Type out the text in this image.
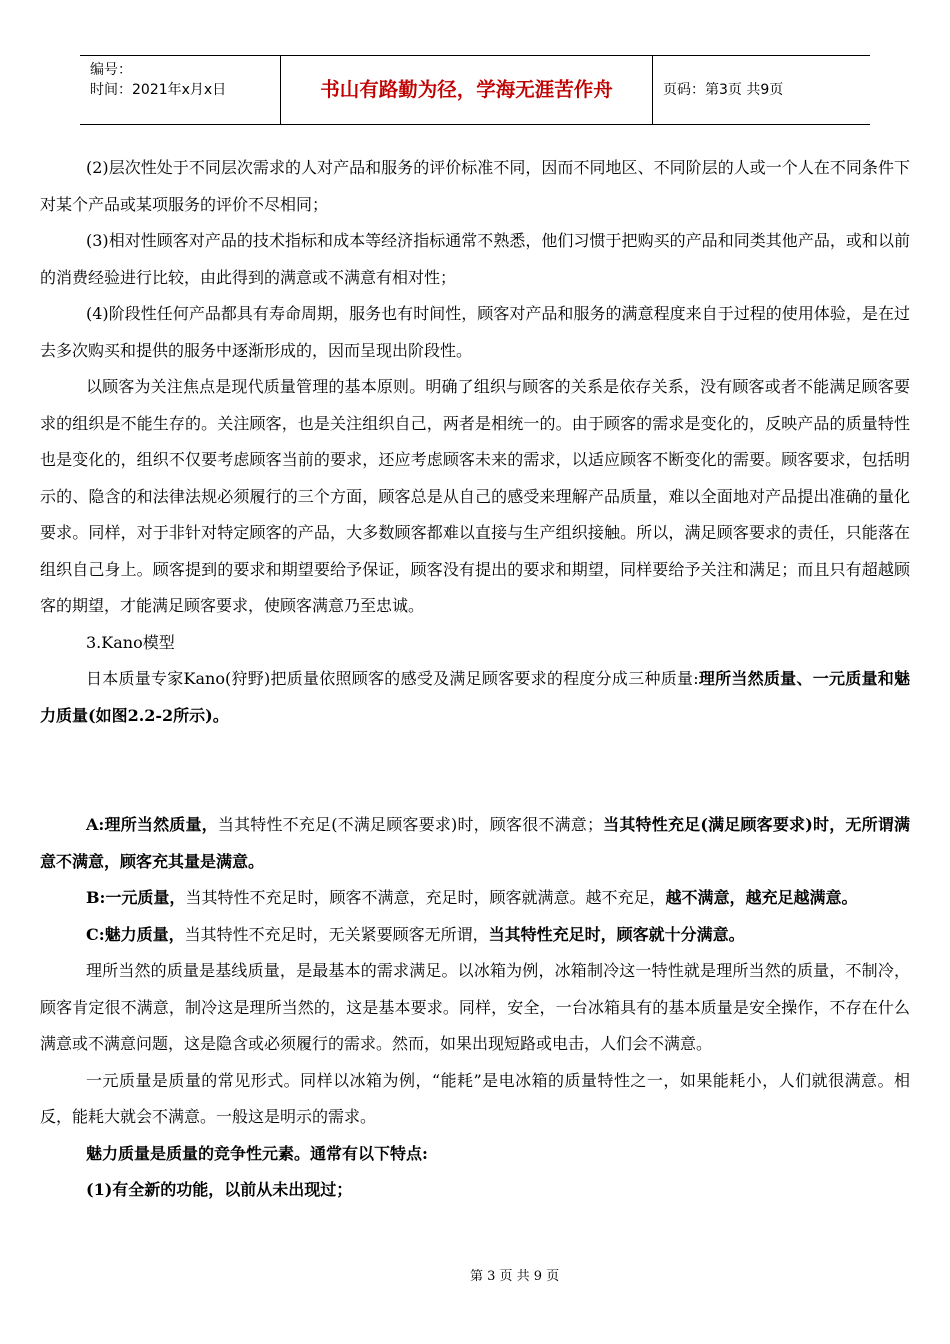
编号：
时间：2021年x月x日	书山有路勤为径，学海无涯苦作舟	页码：第3页 共9页

(2)层次性处于不同层次需求的人对产品和服务的评价标准不同，因而不同地区、不同阶层的人或一个人在不同条件下对某个产品或某项服务的评价不尽相同；

(3)相对性顾客对产品的技术指标和成本等经济指标通常不熟悉，他们习惯于把购买的产品和同类其他产品，或和以前的消费经验进行比较，由此得到的满意或不满意有相对性；

(4)阶段性任何产品都具有寿命周期，服务也有时间性，顾客对产品和服务的满意程度来自于过程的使用体验，是在过去多次购买和提供的服务中逐渐形成的，因而呈现出阶段性。

以顾客为关注焦点是现代质量管理的基本原则。明确了组织与顾客的关系是依存关系，没有顾客或者不能满足顾客要求的组织是不能生存的。关注顾客，也是关注组织自己，两者是相统一的。由于顾客的需求是变化的，反映产品的质量特性也是变化的，组织不仅要考虑顾客当前的要求，还应考虑顾客未来的需求，以适应顾客不断变化的需要。顾客要求，包括明示的、隐含的和法律法规必须履行的三个方面，顾客总是从自己的感受来理解产品质量，难以全面地对产品提出准确的量化要求。同样，对于非针对特定顾客的产品，大多数顾客都难以直接与生产组织接触。所以，满足顾客要求的责任，只能落在组织自己身上。顾客提到的要求和期望要给予保证，顾客没有提出的要求和期望，同样要给予关注和满足；而且只有超越顾客的期望，才能满足顾客要求，使顾客满意乃至忠诚。

3.Kano模型

日本质量专家Kano(狩野)把质量依照顾客的感受及满足顾客要求的程度分成三种质量:理所当然质量、一元质量和魅力质量(如图2.2-2所示)。

A:理所当然质量，当其特性不充足(不满足顾客要求)时，顾客很不满意；当其特性充足(满足顾客要求)时，无所谓满意不满意，顾客充其量是满意。

B:一元质量，当其特性不充足时，顾客不满意，充足时，顾客就满意。越不充足，越不满意，越充足越满意。

C:魅力质量，当其特性不充足时，无关紧要顾客无所谓，当其特性充足时，顾客就十分满意。

理所当然的质量是基线质量，是最基本的需求满足。以冰箱为例，冰箱制冷这一特性就是理所当然的质量，不制冷，顾客肯定很不满意，制冷这是理所当然的，这是基本要求。同样，安全，一台冰箱具有的基本质量是安全操作，不存在什么满意或不满意问题，这是隐含或必须履行的需求。然而，如果出现短路或电击，人们会不满意。

一元质量是质量的常见形式。同样以冰箱为例，“能耗”是电冰箱的质量特性之一，如果能耗小，人们就很满意。相反，能耗大就会不满意。一般这是明示的需求。

魅力质量是质量的竞争性元素。通常有以下特点:

(1)有全新的功能，以前从未出现过；

第 3 页 共 9 页
